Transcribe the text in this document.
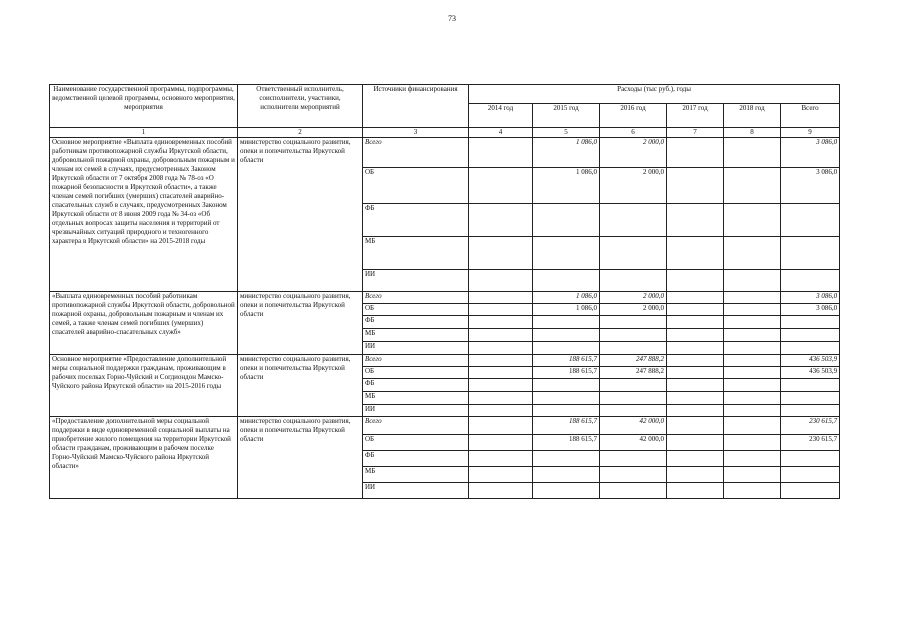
73
Наименование государственной программы, подпрограммы, ведомственной целевой программы, основного мероприятия, мероприятия	Ответственный исполнитель, соисполнители, участники, исполнители мероприятий	Источники финансирования	Расходы (тыс руб.), годы					
			2014 год	2015 год	2016 год	2017 год	2018 год	Всего
1	2	3	4	5	6	7	8	9
Основное мероприятие «Выплата единовременных пособий работникам противопожарной службы Иркутской области, добровольной пожарной охраны, добровольным пожарным и членам их семей в случаях, предусмотренных Законом Иркутской области от 7 октября 2008 года № 78-оз «О пожарной безопасности в Иркутской области», а также членам семей погибших (умерших) спасателей аварийно-спасательных служб в случаях, предусмотренных Законом Иркутской области от 8 июня 2009 года № 34-оз «Об отдельных вопросах защиты населения и территорий от чрезвычайных ситуаций природного и техногенного характера в Иркутской области» на 2015-2018 годы	министерство социального развития, опеки и попечительства Иркутской области	Всего		1 086,0	2 000,0			3 086,0
		ОБ		1 086,0	2 000,0			3 086,0
		ФБ						
		МБ						
		ИИ						
«Выплата единовременных пособий работникам противопожарной службы Иркутской области, добровольной пожарной охраны, добровольным пожарным и членам их семей, а также членам семей погибших (умерших) спасателей аварийно-спасательных служб»	министерство социального развития, опеки и попечительства Иркутской области	Всего		1 086,0	2 000,0			3 086,0
		ОБ		1 086,0	2 000,0			3 086,0
		ФБ						
		МБ						
		ИИ						
Основное мероприятие «Предоставление дополнительной меры социальной поддержки гражданам, проживающим в рабочих поселках Горно-Чуйский и Согдиондон Мамско-Чуйского района Иркутской области» на 2015-2016 годы	министерство социального развития, опеки и попечительства Иркутской области	Всего		188 615,7	247 888,2			436 503,9
		ОБ		188 615,7	247 888,2			436 503,9
		ФБ						
		МБ						
		ИИ						
«Предоставление дополнительной меры социальной поддержки в виде единовременной социальной выплаты на приобретение жилого помещения на территории Иркутской области гражданам, проживающим в рабочем поселке Горно-Чуйский Мамско-Чуйского района Иркутской области»	министерство социального развития, опеки и попечительства Иркутской области	Всего		188 615,7	42 000,0			230 615,7
		ОБ		188 615,7	42 000,0			230 615,7
		ФБ						
		МБ						
		ИИ						
